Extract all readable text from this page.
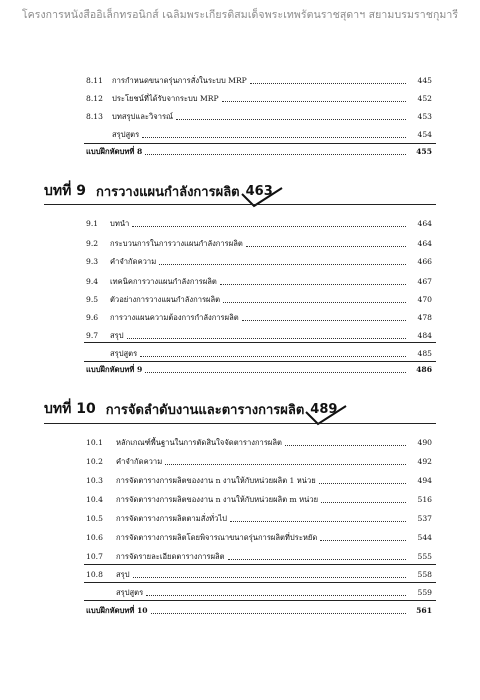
โครงการหนังสืออิเล็กทรอนิกส์ เฉลิมพระเกียรติสมเด็จพระเทพรัตนราชสุดาฯ สยามบรมราชกุมารี
8.11	การกำหนดขนาดรุ่นการสั่งในระบบ MRP	445
8.12	ประโยชน์ที่ได้รับจากระบบ MRP	452
8.13	บทสรุปและวิจารณ์	453
สรุปสูตร	454
แบบฝึกหัดบทที่ 8	455
บทที่ 9 การวางแผนกำลังการผลิต 463
9.1	บทนำ	464
9.2	กระบวนการในการวางแผนกำลังการผลิต	464
9.3	คำจำกัดความ	466
9.4	เทคนิคการวางแผนกำลังการผลิต	467
9.5	ตัวอย่างการวางแผนกำลังการผลิต	470
9.6	การวางแผนความต้องการกำลังการผลิต	478
9.7	สรุป	484
สรุปสูตร	485
แบบฝึกหัดบทที่ 9	486
บทที่ 10 การจัดลำดับงานและตารางการผลิต 489
10.1	หลักเกณฑ์พื้นฐานในการตัดสินใจจัดตารางการผลิต	490
10.2	คำจำกัดความ	492
10.3	การจัดตารางการผลิตของงาน n งานให้กับหน่วยผลิต 1 หน่วย	494
10.4	การจัดตารางการผลิตของงาน n งานให้กับหน่วยผลิต m หน่วย	516
10.5	การจัดตารางการผลิตตามสั่งทั่วไป	537
10.6	การจัดตารางการผลิตโดยพิจารณาขนาดรุ่นการผลิตที่ประหยัด	544
10.7	การจัดรายละเอียดตารางการผลิต	555
10.8	สรุป	558
สรุปสูตร	559
แบบฝึกหัดบทที่ 10	561
